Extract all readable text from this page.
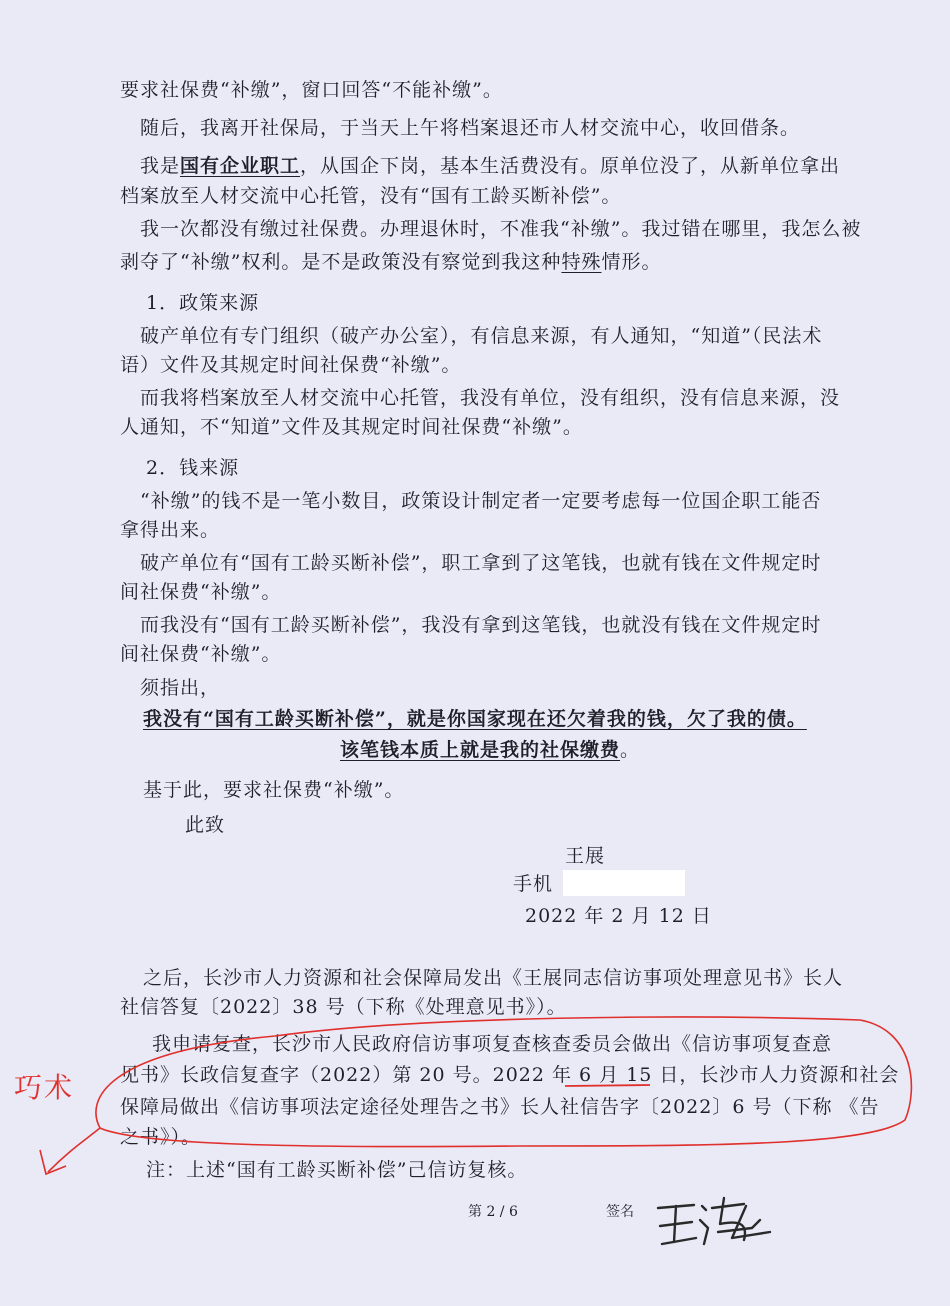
要求社保费“补缴”，窗口回答“不能补缴”。
随后，我离开社保局，于当天上午将档案退还市人材交流中心，收回借条。
我是国有企业职工，从国企下岗，基本生活费没有。原单位没了，从新单位拿出
档案放至人材交流中心托管，没有“国有工龄买断补偿”。
我一次都没有缴过社保费。办理退休时，不准我“补缴”。我过错在哪里，我怎么被
剥夺了“补缴”权利。是不是政策没有察觉到我这种特殊情形。
1．政策来源
破产单位有专门组织（破产办公室），有信息来源，有人通知，“知道”（民法术
语）文件及其规定时间社保费“补缴”。
而我将档案放至人材交流中心托管，我没有单位，没有组织，没有信息来源，没
人通知，不“知道”文件及其规定时间社保费“补缴”。
2．钱来源
“补缴”的钱不是一笔小数目，政策设计制定者一定要考虑每一位国企职工能否
拿得出来。
破产单位有“国有工龄买断补偿”，职工拿到了这笔钱，也就有钱在文件规定时
间社保费“补缴”。
而我没有“国有工龄买断补偿”，我没有拿到这笔钱，也就没有钱在文件规定时
间社保费“补缴”。
须指出，
我没有“国有工龄买断补偿”，就是你国家现在还欠着我的钱，欠了我的债。
该笔钱本质上就是我的社保缴费。
基于此，要求社保费“补缴”。
此致
王展
手机
2022 年 2 月 12 日
之后，长沙市人力资源和社会保障局发出《王展同志信访事项处理意见书》长人
社信答复〔2022〕38 号（下称《处理意见书》）。
我申请复查，长沙市人民政府信访事项复查核查委员会做出《信访事项复查意
见书》长政信复查字（2022）第 20 号。2022 年 6 月 15 日，长沙市人力资源和社会
保障局做出《信访事项法定途径处理告之书》长人社信告字〔2022〕6 号（下称 《告
之书》）。
注：上述“国有工龄买断补偿”己信访复核。
第 2 / 6	签名
巧术
